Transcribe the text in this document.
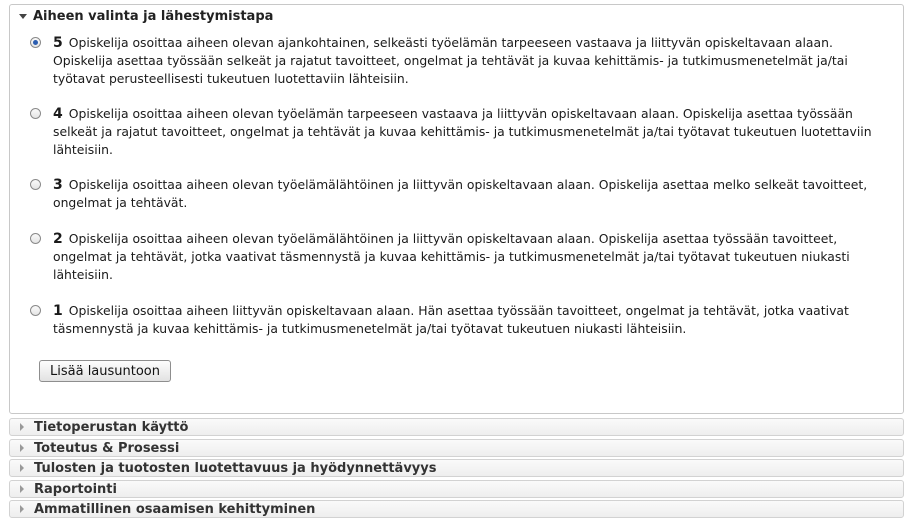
Aiheen valinta ja lähestymistapa
5 Opiskelija osoittaa aiheen olevan ajankohtainen, selkeästi työelämän tarpeeseen vastaava ja liittyvän opiskeltavaan alaan. Opiskelija asettaa työssään selkeät ja rajatut tavoitteet, ongelmat ja tehtävät ja kuvaa kehittämis- ja tutkimusmenetelmät ja/tai työtavat perusteellisesti tukeutuen luotettaviin lähteisiin.
4 Opiskelija osoittaa aiheen olevan työelämän tarpeeseen vastaava ja liittyvän opiskeltavaan alaan. Opiskelija asettaa työssään selkeät ja rajatut tavoitteet, ongelmat ja tehtävät ja kuvaa kehittämis- ja tutkimusmenetelmät ja/tai työtavat tukeutuen luotettaviin lähteisiin.
3 Opiskelija osoittaa aiheen olevan työelämälähtöinen ja liittyvän opiskeltavaan alaan. Opiskelija asettaa melko selkeät tavoitteet, ongelmat ja tehtävät.
2 Opiskelija osoittaa aiheen olevan työelämälähtöinen ja liittyvän opiskeltavaan alaan. Opiskelija asettaa työssään tavoitteet, ongelmat ja tehtävät, jotka vaativat täsmennystä ja kuvaa kehittämis- ja tutkimusmenetelmät ja/tai työtavat tukeutuen niukasti lähteisiin.
1 Opiskelija osoittaa aiheen liittyvän opiskeltavaan alaan. Hän asettaa työssään tavoitteet, ongelmat ja tehtävät, jotka vaativat täsmennystä ja kuvaa kehittämis- ja tutkimusmenetelmät ja/tai työtavat tukeutuen niukasti lähteisiin.
Lisää lausuntoon
Tietoperustan käyttö
Toteutus & Prosessi
Tulosten ja tuotosten luotettavuus ja hyödynnettävyys
Raportointi
Ammatillinen osaamisen kehittyminen
